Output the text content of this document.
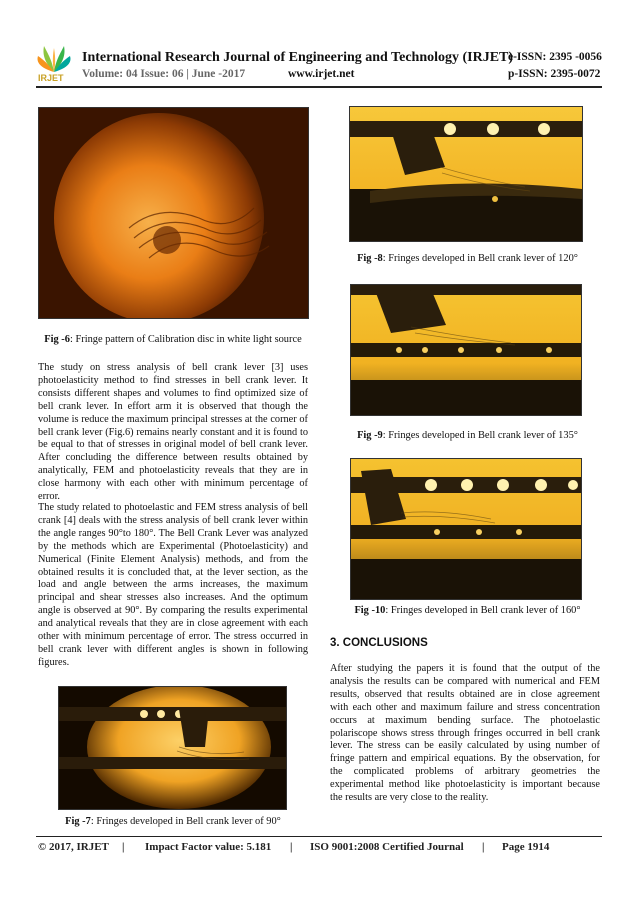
IRJET
International Research Journal of Engineering and Technology (IRJET)
e-ISSN: 2395 -0056
Volume: 04 Issue: 06 | June -2017	www.irjet.net	p-ISSN: 2395-0072
Fig -6: Fringe pattern of Calibration disc in white light source
The study on stress analysis of bell crank lever [3] uses photoelasticity method to find stresses in bell crank lever. It consists different shapes and volumes to find optimized size of bell crank lever. In effort arm it is observed that though the volume is reduce the maximum principal stresses at the corner of bell crank lever (Fig.6) remains nearly constant and it is found to be equal to that of stresses in original model of bell crank lever. After concluding the difference between results obtained by analytically, FEM and photoelasticity reveals that they are in close harmony with each other with minimum percentage of error.
The study related to photoelastic and FEM stress analysis of bell crank [4] deals with the stress analysis of bell crank lever within the angle ranges 90°to 180°. The Bell Crank Lever was analyzed by the methods which are Experimental (Photoelasticity) and Numerical (Finite Element Analysis) methods, and from the obtained results it is concluded that, at the lever section, as the load and angle between the arms increases, the maximum principal and shear stresses also increases. And the optimum angle is observed at 90°. By comparing the results experimental and analytical reveals that they are in close agreement with each other with minimum percentage of error. The stress occurred in bell crank lever with different angles is shown in following figures.
Fig -7: Fringes developed in Bell crank lever of 90°
Fig -8: Fringes developed in Bell crank lever of 120°
Fig -9: Fringes developed in Bell crank lever of 135°
Fig -10: Fringes developed in Bell crank lever of 160°
3. CONCLUSIONS
After studying the papers it is found that the output of the analysis the results can be compared with numerical and FEM results, observed that results obtained are in close agreement with each other and maximum failure and stress concentration occurs at maximum bending surface. The photoelastic polariscope shows stress through fringes occurred in bell crank lever. The stress can be easily calculated by using number of fringe pattern and empirical equations. By the observation, for the complicated problems of arbitrary geometries the experimental method like photoelasticity is important because the results are very close to the reality.
© 2017, IRJET | Impact Factor value: 5.181 | ISO 9001:2008 Certified Journal | Page 1914
